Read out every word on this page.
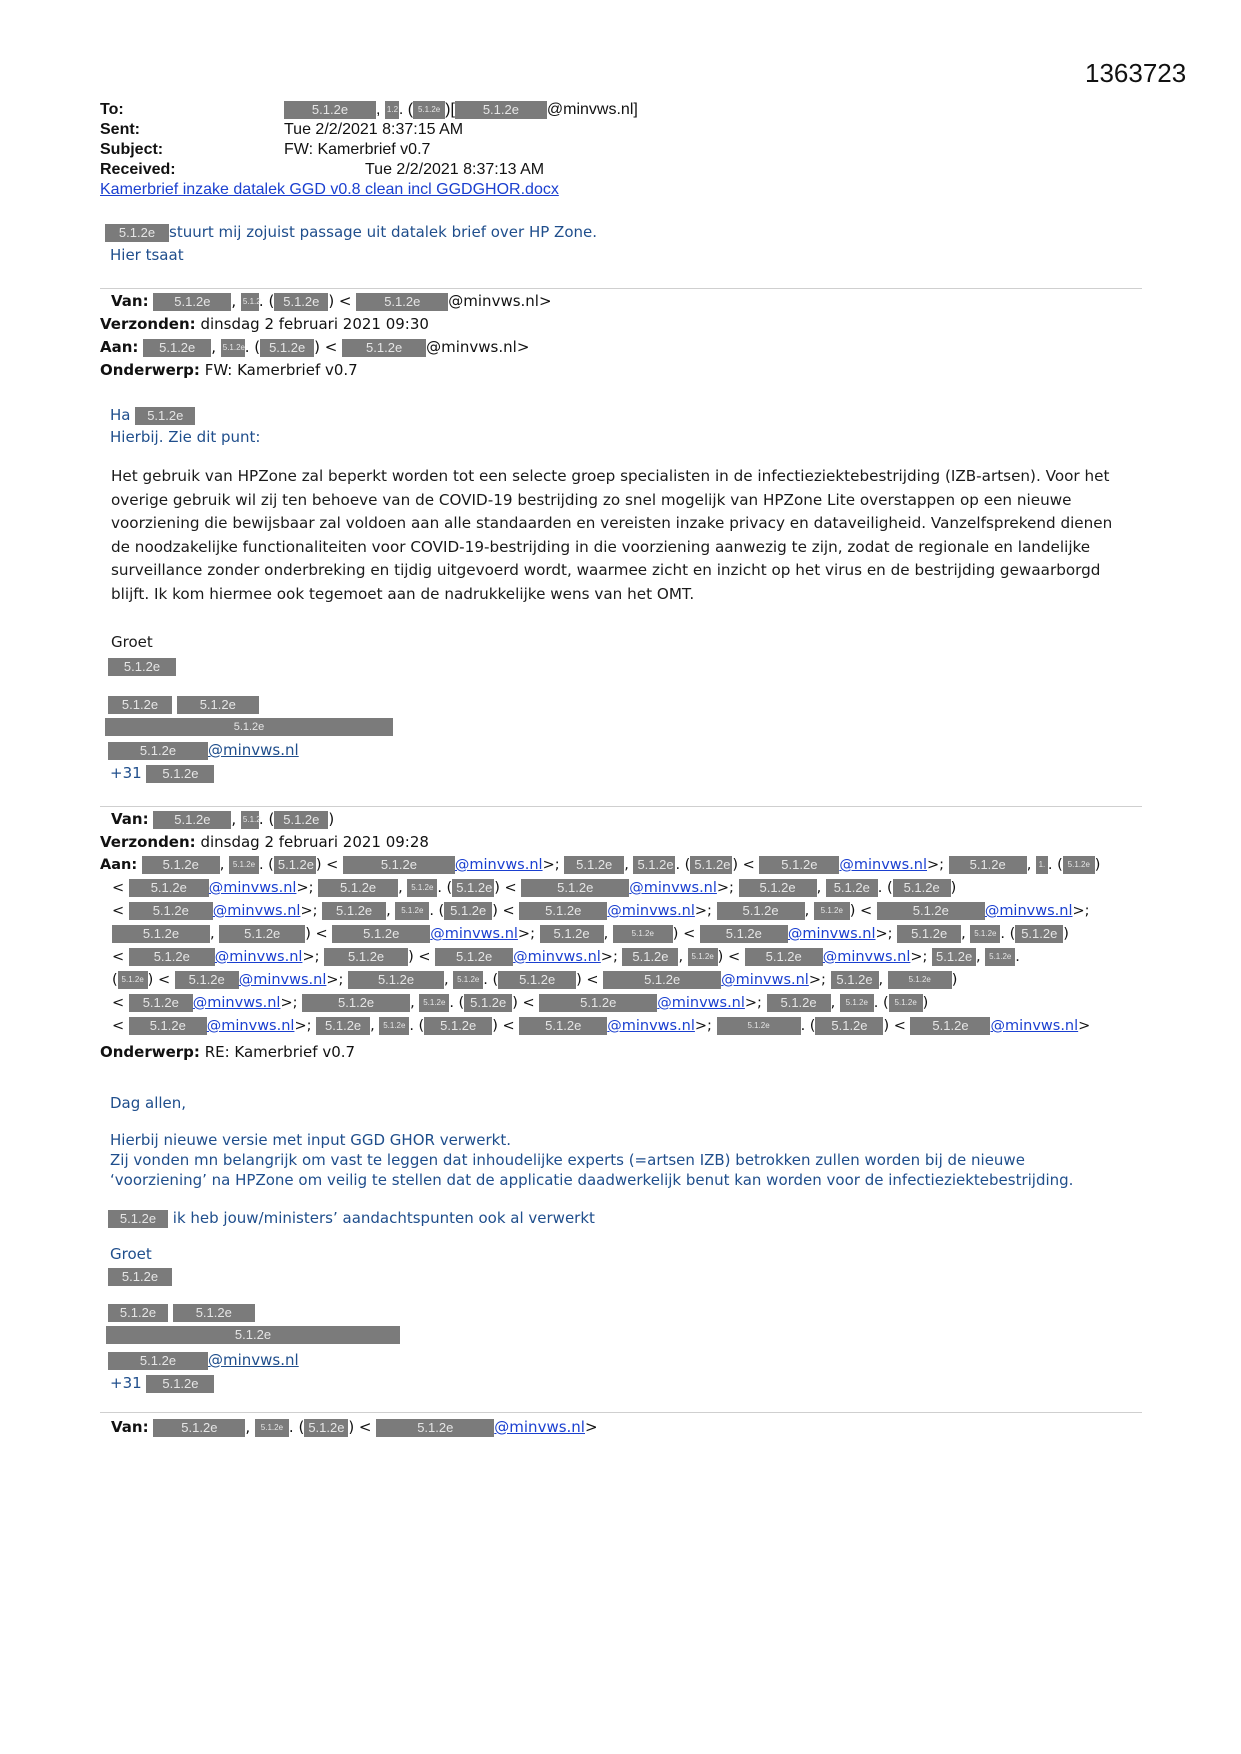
1363723
To:	5.1.2e , 1.2. ( 5.1.2e )[ 5.1.2e @minvws.nl]
Sent:	Tue 2/2/2021 8:37:15 AM
Subject:	FW: Kamerbrief v0.7
Received:	Tue 2/2/2021 8:37:13 AM
Kamerbrief inzake datalek GGD v0.8 clean incl GGDGHOR.docx
5.1.2e stuurt mij zojuist passage uit datalek brief over HP Zone.
Hier tsaat
Van: 5.1.2e , 5.1.2. ( 5.1.2e ) < 5.1.2e @minvws.nl>
Verzonden: dinsdag 2 februari 2021 09:30
Aan: 5.1.2e , 5.1.2e. ( 5.1.2e ) < 5.1.2e @minvws.nl>
Onderwerp: FW: Kamerbrief v0.7
Ha 5.1.2e
Hierbij. Zie dit punt:
Het gebruik van HPZone zal beperkt worden tot een selecte groep specialisten in de infectieziektebestrijding (IZB-artsen). Voor het overige gebruik wil zij ten behoeve van de COVID-19 bestrijding zo snel mogelijk van HPZone Lite overstappen op een nieuwe voorziening die bewijsbaar zal voldoen aan alle standaarden en vereisten inzake privacy en dataveiligheid. Vanzelfsprekend dienen de noodzakelijke functionaliteiten voor COVID-19-bestrijding in die voorziening aanwezig te zijn, zodat de regionale en landelijke surveillance zonder onderbreking en tijdig uitgevoerd wordt, waarmee zicht en inzicht op het virus en de bestrijding gewaarborgd blijft. Ik kom hiermee ook tegemoet aan de nadrukkelijke wens van het OMT.
Groet
5.1.2e
5.1.2e	5.1.2e
5.1.2e
5.1.2e @minvws.nl
+31 5.1.2e
Van: 5.1.2e , 5.1.2. ( 5.1.2e )
Verzonden: dinsdag 2 februari 2021 09:28
Aan: 5.1.2e , 5.1.2e . ( 5.1.2e ) <	5.1.2e	@minvws.nl>; 5.1.2e , 5.1.2e . ( 5.1.2e ) < 5.1.2e @minvws.nl>; 5.1.2e , 1. . ( 5.1.2e )
< 5.1.2e @minvws.nl>; 5.1.2e , 5.1.2e . ( 5.1.2e ) <	5.1.2e @minvws.nl>; 5.1.2e , 5.1.2e . ( 5.1.2e )
< 5.1.2e @minvws.nl>; 5.1.2e , 5.1.2e . ( 5.1.2e ) < 5.1.2e @minvws.nl>; 5.1.2e , 5.1.2e ) <	5.1.2e @minvws.nl>;
5.1.2e , 5.1.2e ) < 5.1.2e @minvws.nl>; 5.1.2e , 5.1.2e ) < 5.1.2e @minvws.nl>; 5.1.2e , 5.1.2e . ( 5.1.2e )
< 5.1.2e @minvws.nl>; 5.1.2e ) < 5.1.2e @minvws.nl>; 5.1.2e , 5.1.2e ) < 5.1.2e @minvws.nl>; 5.1.2e , 5.1.2e .
( 5.1.2e ) < 5.1.2e @minvws.nl>; 5.1.2e , 5.1.2e . ( 5.1.2e ) <	5.1.2e	@minvws.nl>; 5.1.2e ,	5.1.2e )
< 5.1.2e @minvws.nl>;	5.1.2e , 5.1.2e . ( 5.1.2e ) <	5.1.2e	@minvws.nl>; 5.1.2e , 5.1.2e . ( 5.1.2e )
< 5.1.2e @minvws.nl>; 5.1.2e , 5.1.2e . ( 5.1.2e ) < 5.1.2e @minvws.nl>;	5.1.2e . ( 5.1.2e ) < 5.1.2e @minvws.nl>
Onderwerp: RE: Kamerbrief v0.7
Dag allen,
Hierbij nieuwe versie met input GGD GHOR verwerkt.
Zij vonden mn belangrijk om vast te leggen dat inhoudelijke experts (=artsen IZB) betrokken zullen worden bij de nieuwe
‘voorziening’ na HPZone om veilig te stellen dat de applicatie daadwerkelijk benut kan worden voor de infectieziektebestrijding.
5.1.2e ik heb jouw/ministers’ aandachtspunten ook al verwerkt
Groet
5.1.2e
5.1.2e	5.1.2e
5.1.2e
5.1.2e @minvws.nl
+31 5.1.2e
Van:	5.1.2e , 5.1.2e . ( 5.1.2e ) <	5.1.2e	@minvws.nl>
